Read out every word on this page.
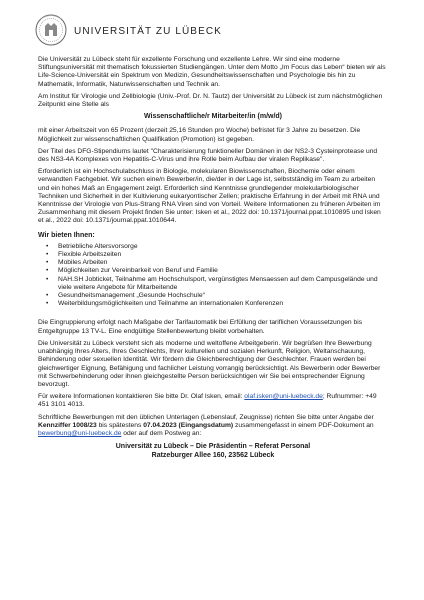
UNIVERSITÄT ZU LÜBECK

Die Universität zu Lübeck steht für exzellente Forschung und exzellente Lehre. Wir sind eine moderne Stiftungsuniversität mit thematisch fokussierten Studiengängen. Unter dem Motto „Im Focus das Leben“ bieten wir als Life-Science-Universität ein Spektrum von Medizin, Gesundheitswissenschaften und Psychologie bis hin zu Mathematik, Informatik, Naturwissenschaften und Technik an.

Am Institut für Virologie und Zellbiologie (Univ.-Prof. Dr. N. Tautz) der Universität zu Lübeck ist zum nächstmöglichen Zeitpunkt eine Stelle als

Wissenschaftliche/r Mitarbeiter/in (m/w/d)

mit einer Arbeitszeit von 65 Prozent (derzeit 25,16 Stunden pro Woche) befristet für 3 Jahre zu besetzen. Die Möglichkeit zur wissenschaftlichen Qualifikation (Promotion) ist gegeben.

Der Titel des DFG-Stipendiums lautet "Charakterisierung funktioneller Domänen in der NS2-3 Cysteinprotease und des NS3-4A Komplexes von Hepatitis-C-Virus und ihre Rolle beim Aufbau der viralen Replikase".

Erforderlich ist ein Hochschulabschluss in Biologie, molekularen Biowissenschaften, Biochemie oder einem verwandten Fachgebiet. Wir suchen eine/n Bewerber/in, die/der in der Lage ist, selbstständig im Team zu arbeiten und ein hohes Maß an Engagement zeigt. Erforderlich sind Kenntnisse grundlegender molekularbiologischer Techniken und Sicherheit in der Kultivierung eukaryontischer Zellen; praktische Erfahrung in der Arbeit mit RNA und Kenntnisse der Virologie von Plus-Strang RNA Viren sind von Vorteil. Weitere Informationen zu früheren Arbeiten im Zusammenhang mit diesem Projekt finden Sie unter: Isken et al., 2022 doi: 10.1371/journal.ppat.1010895 und Isken et al., 2022 doi: 10.1371/journal.ppat.1010644.

Wir bieten Ihnen:
• Betriebliche Altersvorsorge
• Flexible Arbeitszeiten
• Mobiles Arbeiten
• Möglichkeiten zur Vereinbarkeit von Beruf und Familie
• NAH.SH Jobticket, Teilnahme am Hochschulsport, vergünstigtes Mensaessen auf dem Campusgelände und viele weitere Angebote für Mitarbeitende
• Gesundheitsmanagement „Gesunde Hochschule“
• Weiterbildungsmöglichkeiten und Teilnahme an internationalen Konferenzen

Die Eingruppierung erfolgt nach Maßgabe der Tarifautomatik bei Erfüllung der tariflichen Voraussetzungen bis Entgeltgruppe 13 TV-L. Eine endgültige Stellenbewertung bleibt vorbehalten.

Die Universität zu Lübeck versteht sich als moderne und weltoffene Arbeitgeberin. Wir begrüßen Ihre Bewerbung unabhängig Ihres Alters, Ihres Geschlechts, Ihrer kulturellen und sozialen Herkunft, Religion, Weltanschauung, Behinderung oder sexuellen Identität. Wir fördern die Gleichberechtigung der Geschlechter. Frauen werden bei gleichwertiger Eignung, Befähigung und fachlicher Leistung vorrangig berücksichtigt. Als Bewerberin oder Bewerber mit Schwerbehinderung oder ihnen gleichgestellte Person berücksichtigen wir Sie bei entsprechender Eignung bevorzugt.

Für weitere Informationen kontaktieren Sie bitte Dr. Olaf Isken, email: olaf.isken@uni-luebeck.de; Rufnummer: +49 451 3101 4013.

Schriftliche Bewerbungen mit den üblichen Unterlagen (Lebenslauf, Zeugnisse) richten Sie bitte unter Angabe der Kennziffer 1008/23 bis spätestens 07.04.2023 (Eingangsdatum) zusammengefasst in einem PDF-Dokument an bewerbung@uni-luebeck.de oder auf dem Postweg an:

Universität zu Lübeck – Die Präsidentin – Referat Personal
Ratzeburger Allee 160, 23562 Lübeck
